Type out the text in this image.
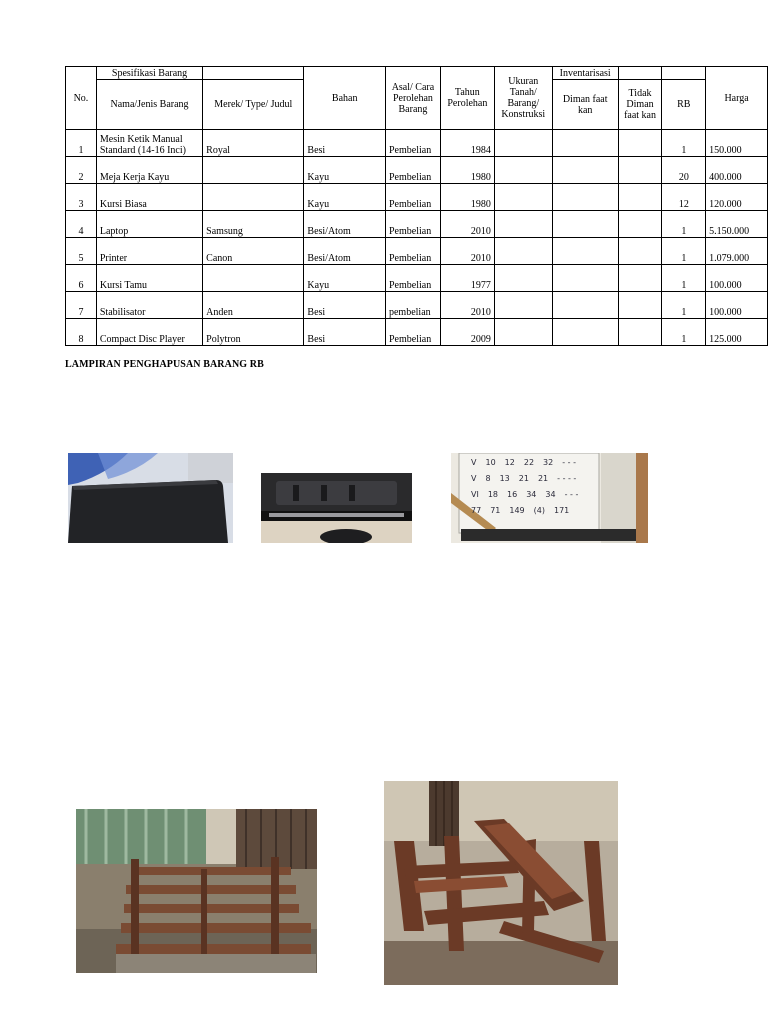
No.	Spesifikasi Barang		Bahan	Asal/ Cara Perolehan Barang	Tahun Perolehan	Ukuran Tanah/ Barang/ Konstruksi	Inventarisasi			Harga
	Nama/Jenis Barang	Merek/ Type/ Judul					Diman faat kan	Tidak Diman faat kan	RB	
1	Mesin Ketik Manual Standard (14-16 Inci)	Royal	Besi	Pembelian	1984				1	150.000
2	Meja Kerja Kayu		Kayu	Pembelian	1980				20	400.000
3	Kursi Biasa		Kayu	Pembelian	1980				12	120.000
4	Laptop	Samsung	Besi/Atom	Pembelian	2010				1	5.150.000
5	Printer	Canon	Besi/Atom	Pembelian	2010				1	1.079.000
6	Kursi Tamu		Kayu	Pembelian	1977				1	100.000
7	Stabilisator	Anden	Besi	pembelian	2010				1	100.000
8	Compact Disc Player	Polytron	Besi	Pembelian	2009				1	125.000
LAMPIRAN PENGHAPUSAN BARANG RB
V 10 12 22 32 - - -
V 8 13 21 21 - - - -
VI 18 16 34 34 - - -
77 71 149 (4) 171
